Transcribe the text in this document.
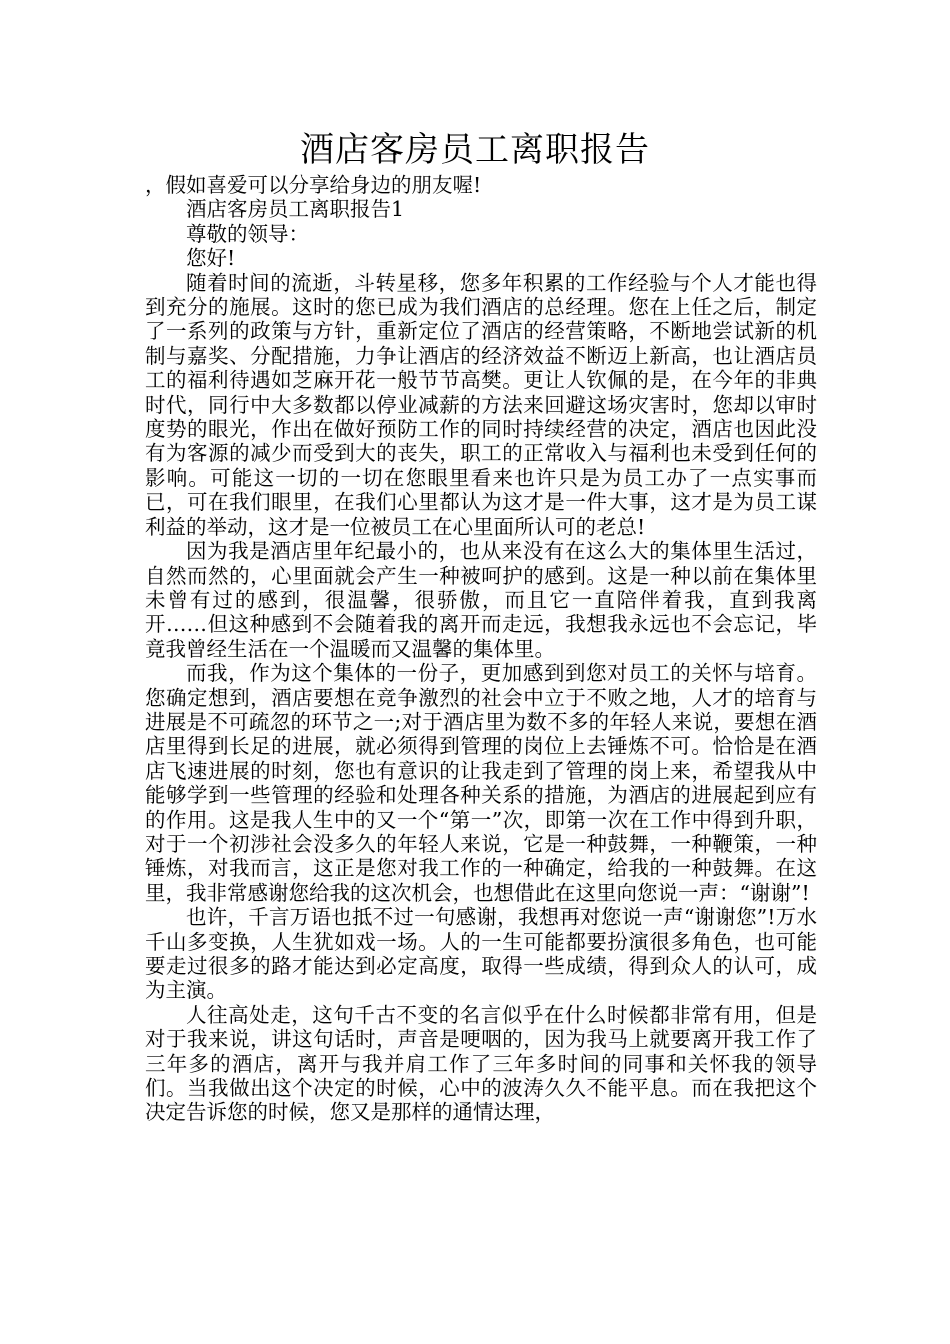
酒店客房员工离职报告

，假如喜爱可以分享给身边的朋友喔!

酒店客房员工离职报告1

尊敬的领导：

您好!

随着时间的流逝，斗转星移，您多年积累的工作经验与个人才能也得到充分的施展。这时的您已成为我们酒店的总经理。您在上任之后，制定了一系列的政策与方针，重新定位了酒店的经营策略，不断地尝试新的机制与嘉奖、分配措施，力争让酒店的经济效益不断迈上新高，也让酒店员工的福利待遇如芝麻开花一般节节高樊。更让人钦佩的是，在今年的非典时代，同行中大多数都以停业减薪的方法来回避这场灾害时，您却以审时度势的眼光，作出在做好预防工作的同时持续经营的决定，酒店也因此没有为客源的减少而受到大的丧失，职工的正常收入与福利也未受到任何的影响。可能这一切的一切在您眼里看来也许只是为员工办了一点实事而已，可在我们眼里，在我们心里都认为这才是一件大事，这才是为员工谋利益的举动，这才是一位被员工在心里面所认可的老总!

因为我是酒店里年纪最小的，也从来没有在这么大的集体里生活过，自然而然的，心里面就会产生一种被呵护的感到。这是一种以前在集体里未曾有过的感到，很温馨，很骄傲，而且它一直陪伴着我，直到我离开……但这种感到不会随着我的离开而走远，我想我永远也不会忘记，毕竟我曾经生活在一个温暖而又温馨的集体里。

而我，作为这个集体的一份子，更加感到到您对员工的关怀与培育。您确定想到，酒店要想在竞争激烈的社会中立于不败之地，人才的培育与进展是不可疏忽的环节之一;对于酒店里为数不多的年轻人来说，要想在酒店里得到长足的进展，就必须得到管理的岗位上去锤炼不可。恰恰是在酒店飞速进展的时刻，您也有意识的让我走到了管理的岗上来，希望我从中能够学到一些管理的经验和处理各种关系的措施，为酒店的进展起到应有的作用。这是我人生中的又一个“第一”次，即第一次在工作中得到升职，对于一个初涉社会没多久的年轻人来说，它是一种鼓舞，一种鞭策，一种锤炼，对我而言，这正是您对我工作的一种确定，给我的一种鼓舞。在这里，我非常感谢您给我的这次机会，也想借此在这里向您说一声：“谢谢”!

也许，千言万语也抵不过一句感谢，我想再对您说一声“谢谢您”!万水千山多变换，人生犹如戏一场。人的一生可能都要扮演很多角色，也可能要走过很多的路才能达到必定高度，取得一些成绩，得到众人的认可，成为主演。

人往高处走，这句千古不变的名言似乎在什么时候都非常有用，但是对于我来说，讲这句话时，声音是哽咽的，因为我马上就要离开我工作了三年多的酒店，离开与我并肩工作了三年多时间的同事和关怀我的领导们。当我做出这个决定的时候，心中的波涛久久不能平息。而在我把这个决定告诉您的时候，您又是那样的通情达理，
